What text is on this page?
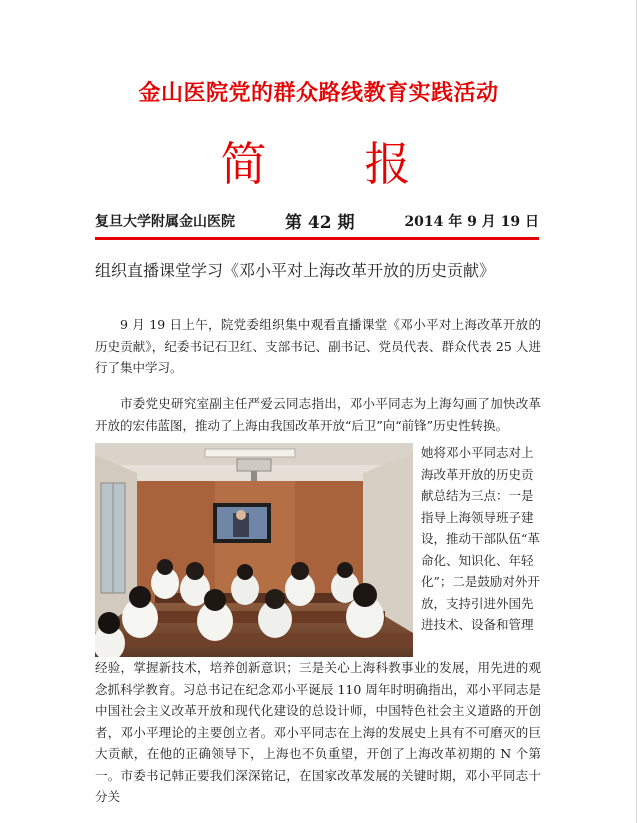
金山医院党的群众路线教育实践活动
简 报
复旦大学附属金山医院	第 42 期	2014 年 9 月 19 日
组织直播课堂学习《邓小平对上海改革开放的历史贡献》
9 月 19 日上午，院党委组织集中观看直播课堂《邓小平对上海改革开放的历史贡献》，纪委书记石卫红、支部书记、副书记、党员代表、群众代表 25 人进行了集中学习。
市委党史研究室副主任严爱云同志指出，邓小平同志为上海勾画了加快改革开放的宏伟蓝图，推动了上海由我国改革开放“后卫”向“前锋”历史性转换。
她将邓小平同志对上海改革开放的历史贡献总结为三点：一是指导上海领导班子建设，推动干部队伍“革命化、知识化、年轻化”；二是鼓励对外开放，支持引进外国先进技术、设备和管理
经验，掌握新技术，培养创新意识；三是关心上海科教事业的发展，用先进的观念抓科学教育。习总书记在纪念邓小平诞辰 110 周年时明确指出，邓小平同志是中国社会主义改革开放和现代化建设的总设计师，中国特色社会主义道路的开创者，邓小平理论的主要创立者。邓小平同志在上海的发展史上具有不可磨灭的巨大贡献，在他的正确领导下，上海也不负重望，开创了上海改革初期的 N 个第一。市委书记韩正要我们深深铭记，在国家改革发展的关键时期，邓小平同志十分关
